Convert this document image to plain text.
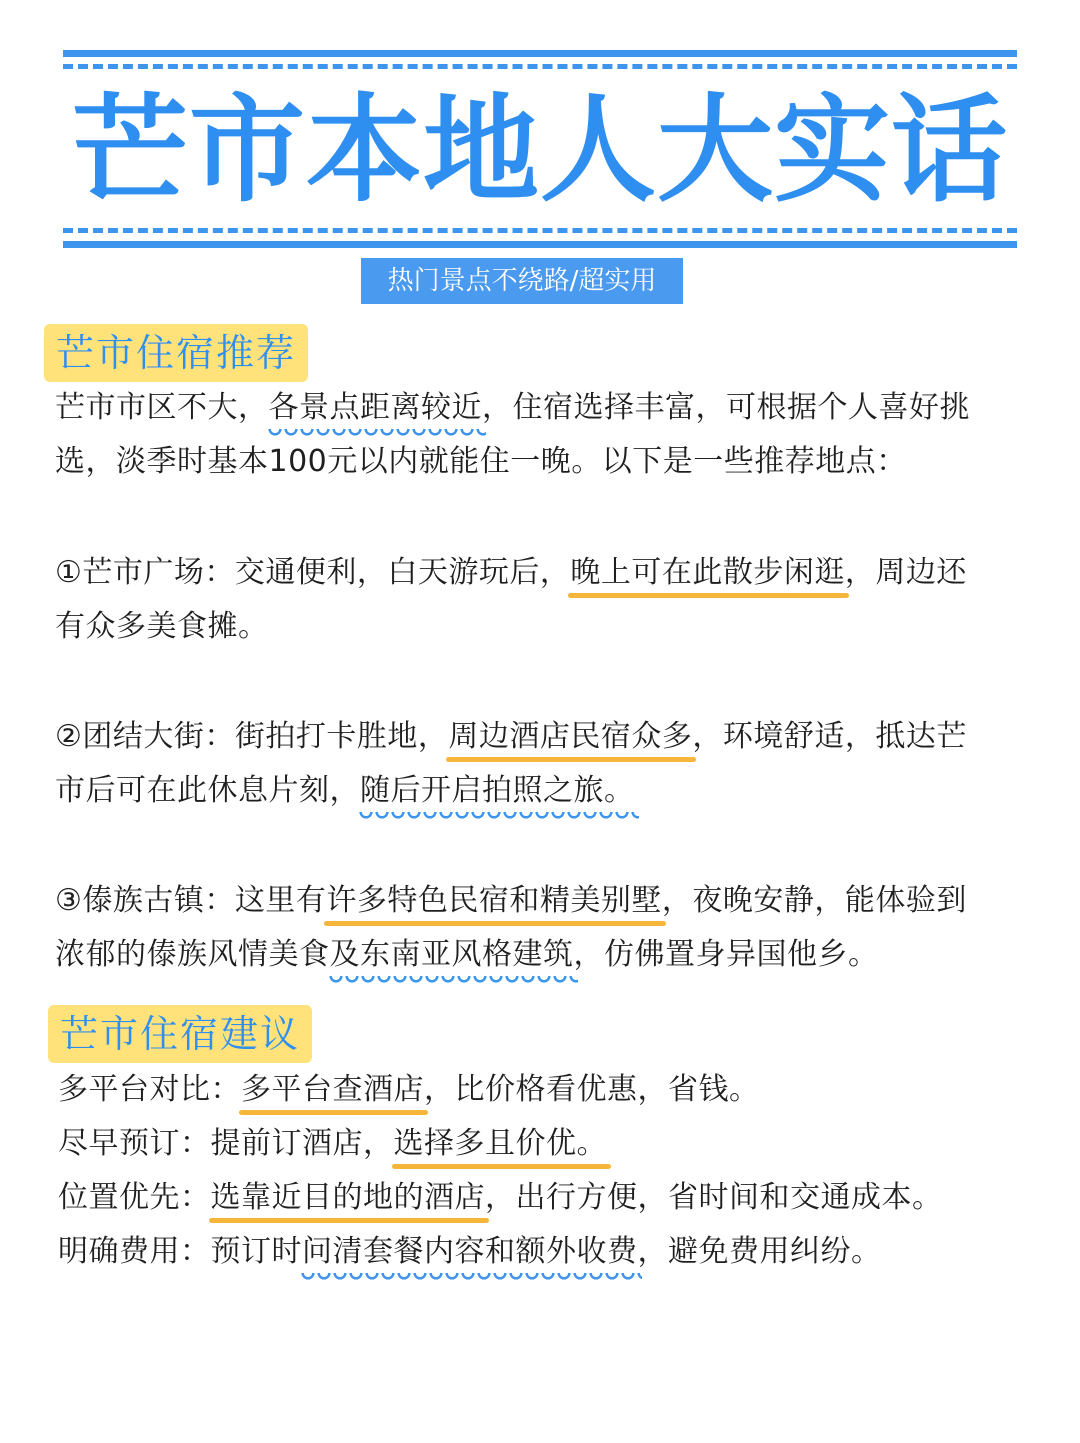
芒市本地人大实话
热门景点不绕路/超实用
芒市住宿推荐
芒市市区不大，各景点距离较近，住宿选择丰富，可根据个人喜好挑
选，淡季时基本100元以内就能住一晚。以下是一些推荐地点：
①芒市广场：交通便利，白天游玩后，晚上可在此散步闲逛，周边还
有众多美食摊。
②团结大街：街拍打卡胜地，周边酒店民宿众多，环境舒适，抵达芒
市后可在此休息片刻，随后开启拍照之旅。
③傣族古镇：这里有许多特色民宿和精美别墅，夜晚安静，能体验到
浓郁的傣族风情美食及东南亚风格建筑，仿佛置身异国他乡。
芒市住宿建议
多平台对比：多平台查酒店，比价格看优惠，省钱。
尽早预订：提前订酒店，选择多且价优。
位置优先：选靠近目的地的酒店，出行方便，省时间和交通成本。
明确费用：预订时问清套餐内容和额外收费，避免费用纠纷。
